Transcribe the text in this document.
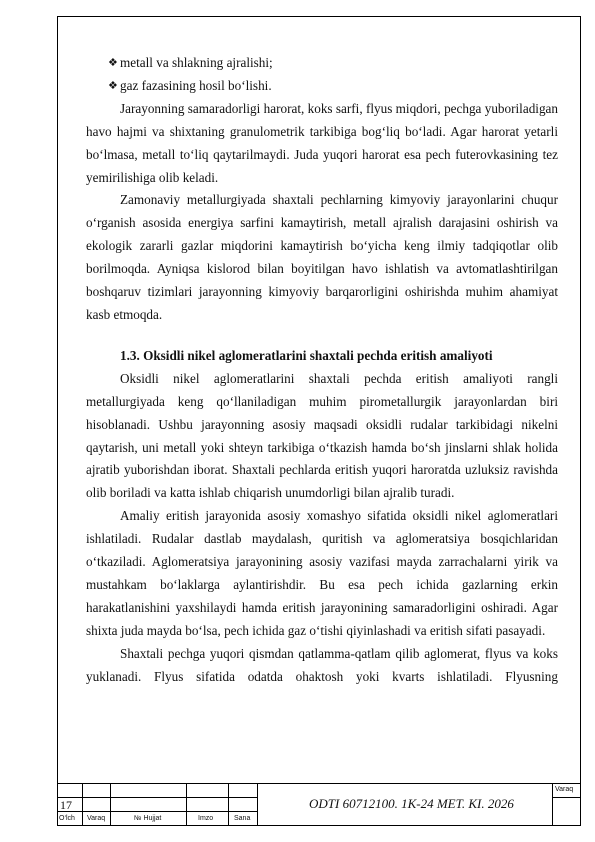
❖ metall va shlakning ajralishi;
❖ gaz fazasining hosil bo‘lishi.

Jarayonning samaradorligi harorat, koks sarfi, flyus miqdori, pechga yuboriladigan havo hajmi va shixtaning granulometrik tarkibiga bog‘liq bo‘ladi. Agar harorat yetarli bo‘lmasa, metall to‘liq qaytarilmaydi. Juda yuqori harorat esa pech futerovkasining tez yemirilishiga olib keladi.

Zamonaviy metallurgiyada shaxtali pechlarning kimyoviy jarayonlarini chuqur o‘rganish asosida energiya sarfini kamaytirish, metall ajralish darajasini oshirish va ekologik zararli gazlar miqdorini kamaytirish bo‘yicha keng ilmiy tadqiqotlar olib borilmoqda. Ayniqsa kislorod bilan boyitilgan havo ishlatish va avtomatlashtirilgan boshqaruv tizimlari jarayonning kimyoviy barqarorligini oshirishda muhim ahamiyat kasb etmoqda.

1.3. Oksidli nikel aglomeratlarini shaxtali pechda eritish amaliyoti

Oksidli nikel aglomeratlarini shaxtali pechda eritish amaliyoti rangli metallurgiyada keng qo‘llaniladigan muhim pirometallurgik jarayonlardan biri hisoblanadi. Ushbu jarayonning asosiy maqsadi oksidli rudalar tarkibidagi nikelni qaytarish, uni metall yoki shteyn tarkibiga o‘tkazish hamda bo‘sh jinslarni shlak holida ajratib yuborishdan iborat. Shaxtali pechlarda eritish yuqori haroratda uzluksiz ravishda olib boriladi va katta ishlab chiqarish unumdorligi bilan ajralib turadi.

Amaliy eritish jarayonida asosiy xomashyo sifatida oksidli nikel aglomeratlari ishlatiladi. Rudalar dastlab maydalash, quritish va aglomeratsiya bosqichlaridan o‘tkaziladi. Aglomeratsiya jarayonining asosiy vazifasi mayda zarrachalarni yirik va mustahkam bo‘laklarga aylantirishdir. Bu esa pech ichida gazlarning erkin harakatlanishini yaxshilaydi hamda eritish jarayonining samaradorligini oshiradi. Agar shixta juda mayda bo‘lsa, pech ichida gaz o‘tishi qiyinlashadi va eritish sifati pasayadi.

Shaxtali pechga yuqori qismdan qatlamma-qatlam qilib aglomerat, flyus va koks yuklanadi. Flyus sifatida odatda ohaktosh yoki kvarts ishlatiladi. Flyusning

17	ODTI 60712100. 1K-24 MET. KI. 2026
Varaq
O‘lch Varaq	№ Hujjat	Imzo	Sana
